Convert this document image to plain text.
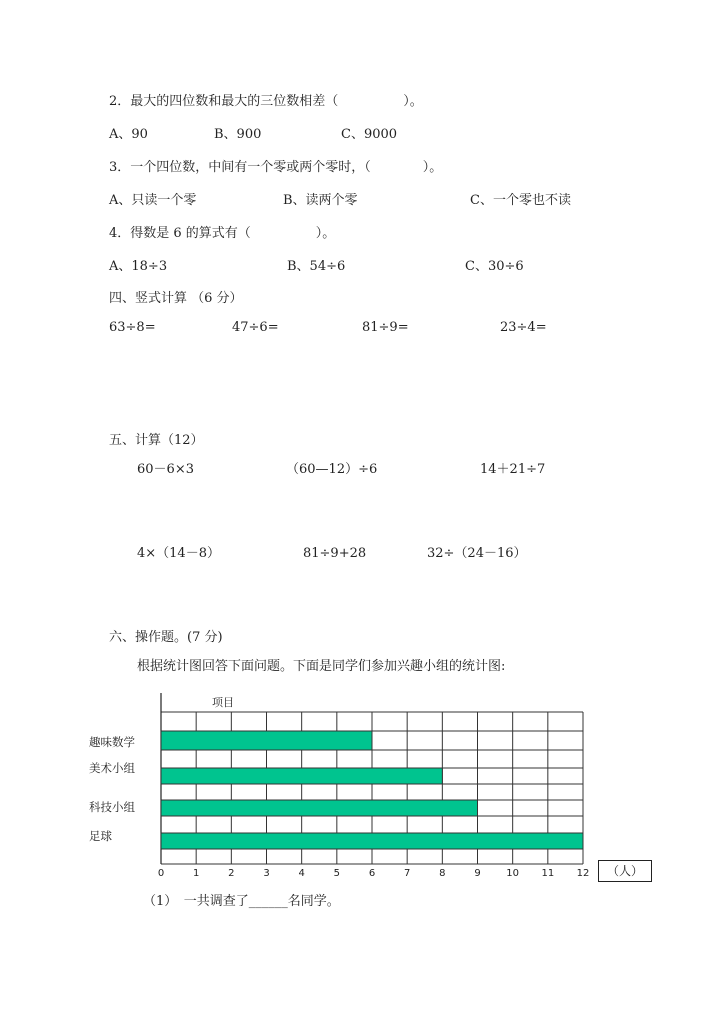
2．最大的四位数和最大的三位数相差（　　　　　）。
A、90	B、900	C、9000
3．一个四位数，中间有一个零或两个零时，（　　　　）。
A、只读一个零	B、读两个零	C、一个零也不读
4．得数是 6 的算式有（　　　　　）。
A、18÷3	B、54÷6	C、30÷6
四、竖式计算 （6 分）
63÷8=	47÷6=	81÷9=	23÷4=
五、计算（12）
60－6×3	（60—12）÷6	14＋21÷7
4×（14－8）	81÷9+28	32÷（24－16）
六、操作题。(7 分)
根据统计图回答下面问题。下面是同学们参加兴趣小组的统计图:
项目
趣味数学
美术小组
科技小组
足球
0	1	2	3	4	5	6	7	8	9	10 11 12	（人）
（1）　一共调查了______名同学。
